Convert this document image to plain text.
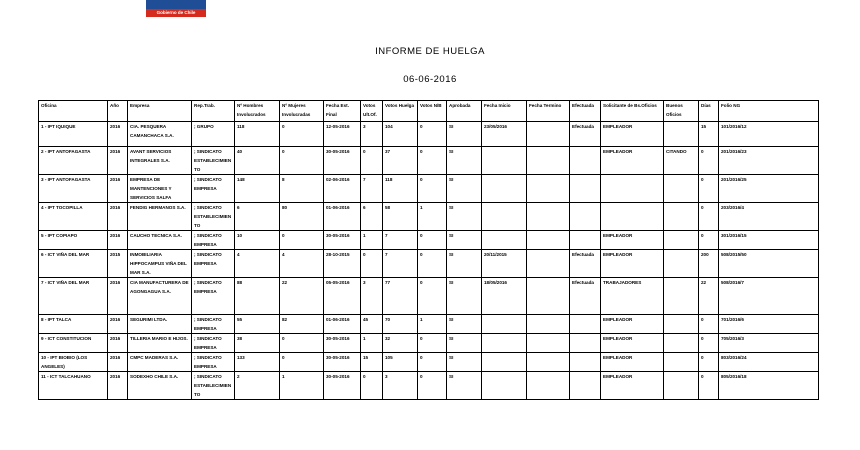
Gobierno de Chile
INFORME DE HUELGA
06-06-2016
Oficina	Año	Empresa	Rep.Trab.	Nº Hombres Involucrados	Nº Mujeres Involucradas	Fecha Est. Final	Votos Ult.Of.	Votos Huelga	Votos N/B	Aprobada	Fecha Inicio	Fecha Termino	Efectuada	Solicitante de Bs.Oficios	Buenos Oficios	Días	Folio NG
1 - IPT IQUIQUE	2016	CIA. PESQUERA CAMANCHACA S.A.	; GRUPO	118	0	12-05-2016	3	104	0	SI	23/05/2016		Efectuada	EMPLEADOR		15	101/2016/12
2 - IPT ANTOFAGASTA	2016	AVANT SERVICIOS INTEGRALES S.A.	; SINDICATO ESTABLECIMIENTO	40	0	30-05-2016	0	37	0	SI				EMPLEADOR	CITANDO	0	201/2016/23
3 - IPT ANTOFAGASTA	2016	EMPRESA DE MANTENCIONES Y SERVICIOS SALFA	; SINDICATO EMPRESA	148	8	02-06-2016	7	118	0	SI						0	201/2016/25
4 - IPT TOCOPILLA	2016	FENDIG HERMANOS S.A.	; SINDICATO ESTABLECIMIENTO	6	80	01-06-2016	6	58	1	SI						0	203/2016/4
5 - IPT COPIAPO	2016	CAUCHO TECNICA S.A.	; SINDICATO EMPRESA	10	0	30-05-2016	1	7	0	SI				EMPLEADOR		0	301/2016/15
6 - ICT VIÑA DEL MAR	2015	INMOBILIARIA HIPPOCAMPUS VIÑA DEL MAR S.A.	; SINDICATO EMPRESA	4	4	28-10-2015	0	7	0	SI	20/11/2015		Efectuada	EMPLEADOR		200	508/2015/50
7 - ICT VIÑA DEL MAR	2016	CIA MANUFACTURERA DE AGONGAGUA S.A.	; SINDICATO EMPRESA	88	22	05-05-2016	3	77	0	SI	18/05/2016		Efectuada	TRABAJADORES		22	508/2016/7
8 - IPT TALCA	2016	SEGURIMI LTDA.	; SINDICATO EMPRESA	55	82	01-06-2016	45	70	1	SI				EMPLEADOR		0	701/2016/6
9 - ICT CONSTITUCION	2016	TILLERIA MARIO E HIJOS.	; SINDICATO EMPRESA	38	0	30-05-2016	1	32	0	SI				EMPLEADOR		0	705/2016/3
10 - IPT BIOBIO (LOS ANGELES)	2016	CMPC MADERAS S.A.	; SINDICATO EMPRESA	133	0	30-05-2016	15	105	0	SI				EMPLEADOR		0	803/2016/24
11 - ICT TALCAHUANO	2016	SODEXHO CHILE S.A.	; SINDICATO ESTABLECIMIENTO	2	1	30-05-2016	0	3	0	SI				EMPLEADOR		0	805/2016/18
